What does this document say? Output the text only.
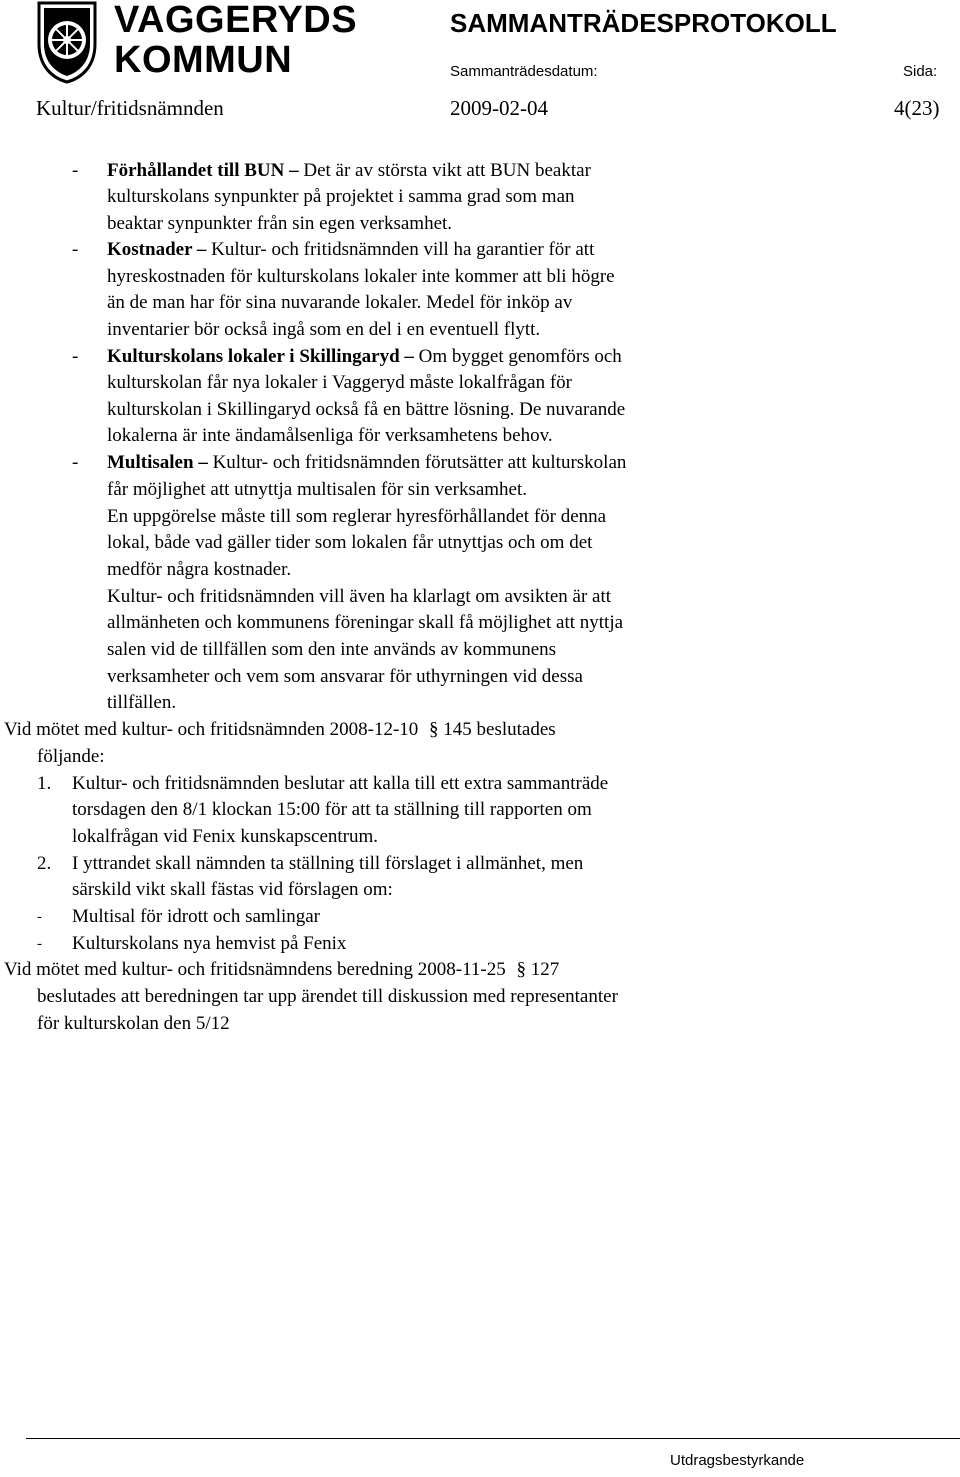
VAGGERYDS
KOMMUN
SAMMANTRÄDESPROTOKOLL
Sammanträdesdatum:	Sida:
Kultur/fritidsnämnden	2009-02-04	4(23)
- Förhållandet till BUN – Det är av största vikt att BUN beaktar
kulturskolans synpunkter på projektet i samma grad som man
beaktar synpunkter från sin egen verksamhet.
- Kostnader – Kultur- och fritidsnämnden vill ha garantier för att
hyreskostnaden för kulturskolans lokaler inte kommer att bli högre
än de man har för sina nuvarande lokaler. Medel för inköp av
inventarier bör också ingå som en del i en eventuell flytt.
- Kulturskolans lokaler i Skillingaryd – Om bygget genomförs och
kulturskolan får nya lokaler i Vaggeryd måste lokalfrågan för
kulturskolan i Skillingaryd också få en bättre lösning. De nuvarande
lokalerna är inte ändamålsenliga för verksamhetens behov.
- Multisalen – Kultur- och fritidsnämnden förutsätter att kulturskolan
får möjlighet att utnyttja multisalen för sin verksamhet.
En uppgörelse måste till som reglerar hyresförhållandet för denna
lokal, både vad gäller tider som lokalen får utnyttjas och om det
medför några kostnader.
Kultur- och fritidsnämnden vill även ha klarlagt om avsikten är att
allmänheten och kommunens föreningar skall få möjlighet att nyttja
salen vid de tillfällen som den inte används av kommunens
verksamheter och vem som ansvarar för uthyrningen vid dessa
tillfällen.
Vid mötet med kultur- och fritidsnämnden 2008-12-10 § 145 beslutades
följande:
1. Kultur- och fritidsnämnden beslutar att kalla till ett extra sammanträde
torsdagen den 8/1 klockan 15:00 för att ta ställning till rapporten om
lokalfrågan vid Fenix kunskapscentrum.
2. I yttrandet skall nämnden ta ställning till förslaget i allmänhet, men
särskild vikt skall fästas vid förslagen om:
- Multisal för idrott och samlingar
- Kulturskolans nya hemvist på Fenix
Vid mötet med kultur- och fritidsnämndens beredning 2008-11-25 § 127
beslutades att beredningen tar upp ärendet till diskussion med representanter
för kulturskolan den 5/12
Utdragsbestyrkande
